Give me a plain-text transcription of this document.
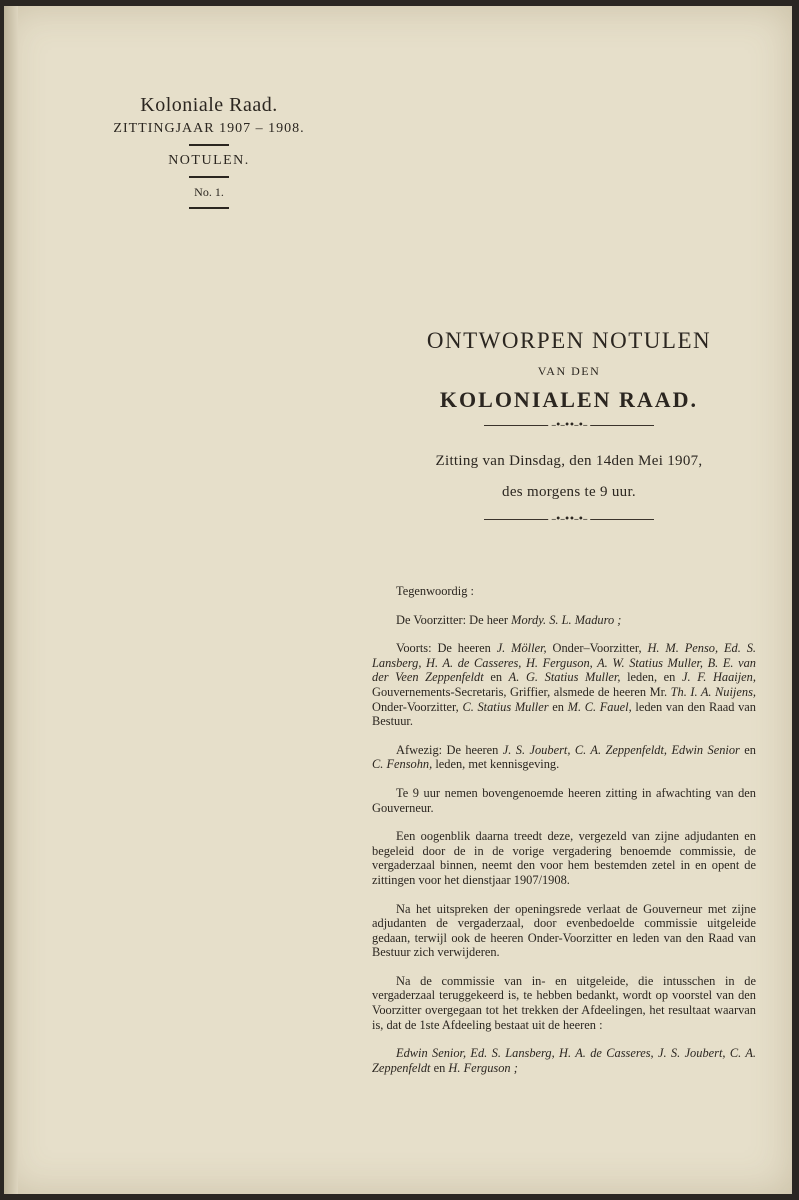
Koloniale Raad.
ZITTINGJAAR 1907 – 1908.
NOTULEN.
No. 1.
ONTWORPEN NOTULEN
VAN DEN
KOLONIALEN RAAD.
–•–••–•–
Zitting van Dinsdag, den 14den Mei 1907,
des morgens te 9 uur.
–•–••–•–

Tegenwoordig :

De Voorzitter: De heer Mordy. S. L. Maduro ;

Voorts: De heeren J. Möller, Onder–Voorzitter, H. M. Penso, Ed. S. Lansberg, H. A. de Casseres, H. Ferguson, A. W. Statius Muller, B. E. van der Veen Zeppenfeldt en A. G. Statius Muller, leden, en J. F. Haaijen, Gouvernements-Secretaris, Griffier, alsmede de heeren Mr. Th. I. A. Nuijens, Onder-Voorzitter, C. Statius Muller en M. C. Fauel, leden van den Raad van Bestuur.

Afwezig: De heeren J. S. Joubert, C. A. Zeppenfeldt, Edwin Senior en C. Fensohn, leden, met kennisgeving.

Te 9 uur nemen bovengenoemde heeren zitting in afwachting van den Gouverneur.

Een oogenblik daarna treedt deze, vergezeld van zijne adjudanten en begeleid door de in de vorige vergadering benoemde commissie, de vergaderzaal binnen, neemt den voor hem bestemden zetel in en opent de zittingen voor het dienstjaar 1907/1908.

Na het uitspreken der openingsrede verlaat de Gouverneur met zijne adjudanten de vergaderzaal, door evenbedoelde commissie uitgeleide gedaan, terwijl ook de heeren Onder-Voorzitter en leden van den Raad van Bestuur zich verwijderen.

Na de commissie van in- en uitgeleide, die intusschen in de vergaderzaal teruggekeerd is, te hebben bedankt, wordt op voorstel van den Voorzitter overgegaan tot het trekken der Afdeelingen, het resultaat waarvan is, dat de 1ste Afdeeling bestaat uit de heeren :

Edwin Senior, Ed. S. Lansberg, H. A. de Casseres, J. S. Joubert, C. A. Zeppenfeldt en H. Ferguson ;
